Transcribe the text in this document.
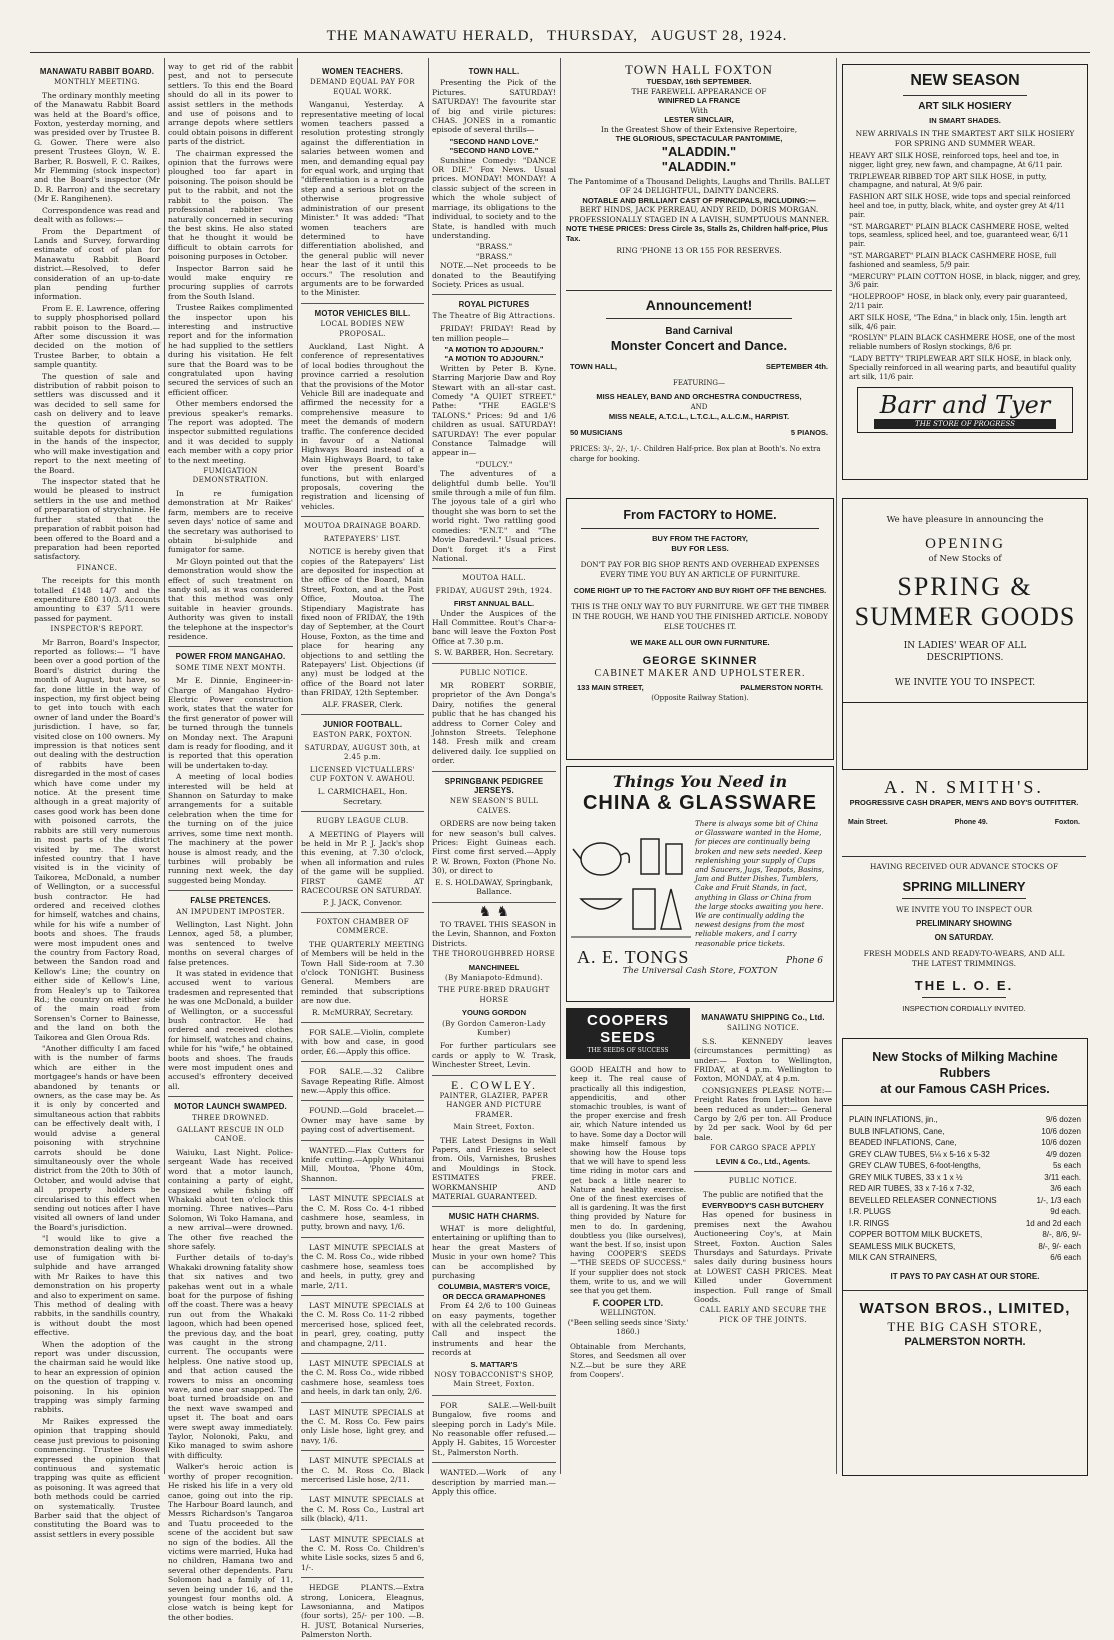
THE MANAWATU HERALD, THURSDAY, AUGUST 28, 1924.
MANAWATU RABBIT BOARD.
MONTHLY MEETING.

The ordinary monthly meeting of the Manawatu Rabbit Board was held at the Board's office, Foxton, yesterday morning, and was presided over by Trustee B. G. Gower. There were also present Trustees Gloyn, W. E. Barber, R. Boswell, F. C. Raikes, Mr Flemming (stock inspector) and the Board's inspector (Mr D. R. Barron) and the secretary (Mr E. Rangihenen).

Correspondence was read and dealt with as follows:—

From the Department of Lands and Survey, forwarding estimate of cost of plan for Manawatu Rabbit Board district.—Resolved, to defer consideration of an up-to-date plan pending further information.

From E. E. Lawrence, offering to supply phosphorised pollard rabbit poison to the Board.—After some discussion it was decided on the motion of Trustee Barber, to obtain a sample quantity.

The question of sale and distribution of rabbit poison to settlers was discussed and it was decided to sell same for cash on delivery and to leave the question of arranging suitable depots for distribution in the hands of the inspector, who will make investigation and report to the next meeting of the Board.

The inspector stated that he would be pleased to instruct settlers in the use and method of preparation of strychnine. He further stated that the preparation of rabbit poison had been offered to the Board and a preparation had been reported satisfactory.

FINANCE.

The receipts for this month totalled £148 14/7 and the expenditure £80 10/3. Accounts amounting to £37 5/11 were passed for payment.

INSPECTOR'S REPORT.

Mr Barron, Board's Inspector, reported as follows:— "I have been over a good portion of the Board's district during the month of August, but have, so far, done little in the way of inspection, my first object being to get into touch with each owner of land under the Board's jurisdiction. I have, so far, visited close on 100 owners. My impression is that notices sent out dealing with the destruction of rabbits have been disregarded in the most of cases which have come under my notice. At the present time although in a great majority of cases good work has been done with poisoned carrots, the rabbits are still very numerous in most parts of the district visited by me. The worst infested country that I have visited is in the vicinity of Taikorea, McDonald, a number of Wellington, or a successful bush contractor. He had ordered and received clothes for himself, watches and chains, while for his wife a number of boots and shoes. The frauds were most impudent ones and the country from Factory Road, between the Sandon road and Kellow's Line; the country on either side of Kellow's Line, from Healey's up to Taikorea Rd.; the country on either side of the main road from Sorensen's Corner to Bainesse, and the land on both the Taikorea and Glen Oroua Rds.

"Another difficulty I am faced with is the number of farms which are either in the mortgagee's hands or have been abandoned by tenants or owners, as the case may be. As it is only by concerted and simultaneous action that rabbits can be effectively dealt with, I would advise a general poisoning with strychnine carrots should be done simultaneously over the whole district from the 20th to 30th of October, and would advise that all property holders be circularised to this effect when sending out notices after I have visited all owners of land under the Board's jurisdiction.

"I would like to give a demonstration dealing with the use of fumigation with bi-sulphide and have arranged with Mr Raikes to have this demonstration on his property and also to experiment on same. This method of dealing with rabbits, in the sandhills country, is without doubt the most effective.

When the adoption of the report was under discussion, the chairman said he would like to hear an expression of opinion on the question of trapping v. poisoning. In his opinion trapping was simply farming rabbits.

Mr Raikes expressed the opinion that trapping should cease just previous to poisoning commencing. Trustee Boswell expressed the opinion that continuous and systematic trapping was quite as efficient as poisoning. It was agreed that both methods could be carried on systematically. Trustee Barber said that the object of constituting the Board was to assist settlers in every possible

way to get rid of the rabbit pest, and not to persecute settlers. To this end the Board should do all in its power to assist settlers in the methods and use of poisons and to arrange depots where settlers could obtain poisons in different parts of the district.

The chairman expressed the opinion that the furrows were ploughed too far apart in poisoning. The poison should be put to the rabbit, and not the rabbit to the poison. The professional rabbiter was naturally concerned in securing the best skins. He also stated that he thought it would be difficult to obtain carrots for poisoning purposes in October.

Inspector Barron said he would make enquiry re procuring supplies of carrots from the South Island.

Trustee Raikes complimented the inspector upon his interesting and instructive report and for the information he had supplied to the settlers during his visitation. He felt sure that the Board was to be congratulated upon having secured the services of such an efficient officer.

Other members endorsed the previous speaker's remarks. The report was adopted. The inspector submitted regulations and it was decided to supply each member with a copy prior to the next meeting.

FUMIGATION DEMONSTRATION.

In re fumigation demonstration at Mr Raikes' farm, members are to receive seven days' notice of same and the secretary was authorised to obtain bi-sulphide and fumigator for same.

Mr Gloyn pointed out that the demonstration would show the effect of such treatment on sandy soil, as it was considered that this method was only suitable in heavier grounds. Authority was given to install the telephone at the inspector's residence.

POWER FROM MANGAHAO.
SOME TIME NEXT MONTH.

Mr E. Dinnie, Engineer-in-Charge of Mangahao Hydro-Electric Power construction work, states that the water for the first generator of power will be turned through the tunnels on Monday next. The Arapuni dam is ready for flooding, and it is reported that this operation will be undertaken to-day.

A meeting of local bodies interested will be held at Shannon on Saturday to make arrangements for a suitable celebration when the time for the turning on of the juice arrives, some time next month. The machinery at the power house is almost ready, and the turbines will probably be running next week, the day suggested being Monday.

FALSE PRETENCES.
AN IMPUDENT IMPOSTER.

Wellington, Last Night. John Lennox, aged 58, a plumber, was sentenced to twelve months on several charges of false pretences.

It was stated in evidence that accused went to various tradesmen and represented that he was one McDonald, a builder of Wellington, or a successful bush contractor. He had ordered and received clothes for himself, watches and chains, while for his "wife," he obtained boots and shoes. The frauds were most impudent ones and accused's effrontery deceived all.

MOTOR LAUNCH SWAMPED.
THREE DROWNED.
GALLANT RESCUE IN OLD CANOE.

Waiuku, Last Night. Police-sergeant Wade has received word that a motor launch, containing a party of eight, capsized while fishing off Whakaki about ten o'clock this morning. Three natives—Paru Solomon, Wi Toko Hamana, and a new arrival—were drowned. The other five reached the shore safely.

Further details of to-day's Whakaki drowning fatality show that six natives and two pakehas went out in a whale boat for the purpose of fishing off the coast. There was a heavy run out from the Whakaki lagoon, which had been opened the previous day, and the boat was caught in the strong current. The occupants were helpless. One native stood up, and that action caused the rowers to miss an oncoming wave, and one oar snapped. The boat turned broadside on and the next wave swamped and upset it. The boat and oars were swept away immediately. Taylor, Nolonoki, Paku, and Kiko managed to swim ashore with difficulty.

Walker's heroic action is worthy of proper recognition. He risked his life in a very old canoe, going out into the rip. The Harbour Board launch, and Messrs Richardson's Tangaroa and Tuatu proceeded to the scene of the accident but saw no sign of the bodies. All the victims were married, Huka had no children, Hamana two and several other dependents. Paru Solomon had a family of 11, seven being under 16, and the youngest four months old. A close watch is being kept for the other bodies.

WOMEN TEACHERS.
DEMAND EQUAL PAY FOR EQUAL WORK.

Wanganui, Yesterday. A representative meeting of local women teachers passed a resolution protesting strongly against the differentiation in salaries between women and men, and demanding equal pay for equal work, and urging that "differentiation is a retrograde step and a serious blot on the otherwise progressive administration of our present Minister." It was added: "That women teachers are determined to have differentiation abolished, and the general public will never hear the last of it until this occurs." The resolution and arguments are to be forwarded to the Minister.

MOTOR VEHICLES BILL.
LOCAL BODIES NEW PROPOSAL.

Auckland, Last Night. A conference of representatives of local bodies throughout the province carried a resolution that the provisions of the Motor Vehicle Bill are inadequate and affirmed the necessity for a comprehensive measure to meet the demands of modern traffic. The conference decided in favour of a National Highways Board instead of a Main Highways Board, to take over the present Board's functions, but with enlarged proposals, covering the registration and licensing of vehicles.

MOUTOA DRAINAGE BOARD.
RATEPAYERS' LIST.

NOTICE is hereby given that copies of the Ratepayers' List are deposited for inspection at the office of the Board, Main Street, Foxton, and at the Post Office, Moutoa. The Stipendiary Magistrate has fixed noon of FRIDAY, the 19th day of September, at the Court House, Foxton, as the time and place for hearing any objections to and settling the Ratepayers' List. Objections (if any) must be lodged at the office of the Board not later than FRIDAY, 12th September.

ALF. FRASER, Clerk.
JUNIOR FOOTBALL.
EASTON PARK, FOXTON.
SATURDAY, AUGUST 30th, at 2.45 p.m.
LICENSED VICTUALLERS' CUP FOXTON V. AWAHOU.
L. CARMICHAEL, Hon. Secretary.
RUGBY LEAGUE CLUB.

A MEETING of Players will be held in Mr P. J. Jack's shop this evening, at 7.30 o'clock, when all information and rules of the game will be supplied. FIRST GAME AT RACECOURSE ON SATURDAY.

P. J. JACK, Convenor.
FOXTON CHAMBER OF COMMERCE.

THE QUARTERLY MEETING of Members will be held in the Town Hall Side-room at 7.30 o'clock TONIGHT. Business General. Members are reminded that subscriptions are now due.

R. McMURRAY, Secretary.

FOR SALE.—Violin, complete with bow and case, in good order, £6.—Apply this office.

FOR SALE.—.32 Calibre Savage Repeating Rifle. Almost new.—Apply this office.

FOUND.—Gold bracelet.—Owner may have same by paying cost of advertisement.

WANTED.—Flax Cutters for knife cutting.—Apply Whitanui Mill, Moutoa, 'Phone 40m, Shannon.

LAST MINUTE SPECIALS at the C. M. Ross Co. 4-1 ribbed cashmere hose, seamless, in putty, brown and navy, 1/6.

LAST MINUTE SPECIALS at the C. M. Ross Co., wide ribbed cashmere hose, seamless toes and heels, in putty, grey and marle, 2/11.

LAST MINUTE SPECIALS at the C. M. Ross Co. 11-2 ribbed mercerised hose, spliced feet, in pearl, grey, coating, putty and champagne, 2/11.

LAST MINUTE SPECIALS at the C. M. Ross Co., wide ribbed cashmere hose, seamless toes and heels, in dark tan only, 2/6.

LAST MINUTE SPECIALS at the C. M. Ross Co. Few pairs only Lisle hose, light grey, and navy, 1/6.

LAST MINUTE SPECIALS at the C. M. Ross Co. Black mercerised Lisle hose, 2/11.

LAST MINUTE SPECIALS at the C. M. Ross Co., Lustral art silk (black), 4/11.

LAST MINUTE SPECIALS at the C. M. Ross Co. Children's white Lisle socks, sizes 5 and 6, 1/-.

HEDGE PLANTS.—Extra strong, Lonicera, Eleagnus, Lawsonianna, and Matipos (four sorts), 25/- per 100. —B. H. JUST, Botanical Nurseries, Palmerston North.

TOWN HALL.

Presenting the Pick of the Pictures. SATURDAY! SATURDAY! The favourite star of big and virile pictures: CHAS. JONES in a romantic episode of several thrills—

"SECOND HAND LOVE."
"SECOND HAND LOVE."

Sunshine Comedy: "DANCE OR DIE." Fox News. Usual prices. MONDAY! MONDAY! A classic subject of the screen in which the whole subject of marriage, its obligations to the individual, to society and to the State, is handled with much understanding.

"BRASS."
"BRASS."

NOTE.—Net proceeds to be donated to the Beautifying Society. Prices as usual.

ROYAL PICTURES
The Theatre of Big Attractions.

FRIDAY! FRIDAY! Read by ten million people—

"A MOTION TO ADJOURN."
"A MOTION TO ADJOURN."

Written by Peter B. Kyne. Starring Marjorie Daw and Roy Stewart with an all-star cast. Comedy "A QUIET STREET." Pathe: "THE EAGLE'S TALONS." Prices: 9d and 1/6 children as usual. SATURDAY! SATURDAY! The ever popular Constance Talmadge will appear in—

"DULCY."

The adventures of a delightful dumb belle. You'll smile through a mile of fun film. The joyous tale of a girl who thought she was born to set the world right. Two rattling good comedies: "F.N.T." and "The Movie Daredevil." Usual prices. Don't forget it's a First National.

MOUTOA HALL.
FRIDAY, AUGUST 29th, 1924.
FIRST ANNUAL BALL.

Under the Auspices of the Hall Committee. Rout's Char-a-banc will leave the Foxton Post Office at 7.30 p.m.

S. W. BARBER, Hon. Secretary.
PUBLIC NOTICE.

MR ROBERT SORBIE, proprietor of the Avn Donga's Dairy, notifies the general public that he has changed his address to Corner Coley and Johnston Streets. Telephone 148. Fresh milk and cream delivered daily. Ice supplied on order.

SPRINGBANK PEDIGREE JERSEYS.
NEW SEASON'S BULL CALVES.

ORDERS are now being taken for new season's bull calves. Prices: Eight Guineas each. First come first served.—Apply P. W. Brown, Foxton (Phone No. 30), or direct to

E. S. HOLDAWAY, Springbank, Ballance.
♞ ♞

TO TRAVEL THIS SEASON in the Levin, Shannon, and Foxton Districts.

THE THOROUGHBRED HORSE
MANCHINEEL
(By Maniapoto-Edmund).
THE PURE-BRED DRAUGHT HORSE
YOUNG GORDON
(By Gordon Cameron-Lady Kumber)

For further particulars see cards or apply to W. Trask, Winchester Street, Levin.

E. COWLEY.
PAINTER, GLAZIER, PAPER HANGER AND PICTURE FRAMER.
Main Street, Foxton.

THE Latest Designs in Wall Papers, and Friezes to select from. Oils, Varnishes, Brushes and Mouldings in Stock. ESTIMATES FREE. WORKMANSHIP AND MATERIAL GUARANTEED.

MUSIC HATH CHARMS.

WHAT is more delightful, entertaining or uplifting than to hear the great Masters of Music in your own home? This can be accomplished by purchasing

COLUMBIA, MASTER'S VOICE, OR DECCA GRAMAPHONES

From £4 2/6 to 100 Guineas on easy payments, together with all the celebrated records. Call and inspect the instruments and hear the records at

S. MATTAR'S
NOSY TOBACCONIST'S SHOP, Main Street, Foxton.

FOR SALE.—Well-built Bungalow, five rooms and sleeping porch in Lady's Mile. No reasonable offer refused.—Apply H. Gabites, 15 Worcester St., Palmerston North.

WANTED.—Work of any description by married man.—Apply this office.

TOWN HALL FOXTON
TUESDAY, 16th SEPTEMBER.
THE FAREWELL APPEARANCE OF
WINIFRED LA FRANCE
With
LESTER SINCLAIR,
In the Greatest Show of their Extensive Repertoire,
THE GLORIOUS, SPECTACULAR PANTOMIME,
"ALADDIN."
"ALADDIN."
The Pantomime of a Thousand Delights, Laughs and Thrills. BALLET OF 24 DELIGHTFUL, DAINTY DANCERS.
NOTABLE AND BRILLIANT CAST OF PRINCIPALS, INCLUDING:—
BERT HINDS, JACK PERREAU, ANDY REID, DORIS MORGAN.
PROFESSIONALLY STAGED IN A LAVISH, SUMPTUOUS MANNER.
NOTE THESE PRICES: Dress Circle 3s, Stalls 2s, Children half-price, Plus Tax.
RING 'PHONE 13 OR 155 FOR RESERVES.
Announcement!
Band Carnival
Monster Concert and Dance.
TOWN HALL,	SEPTEMBER 4th.
FEATURING—
MISS HEALEY, BAND AND ORCHESTRA CONDUCTRESS,
AND
MISS NEALE, A.T.C.L., L.T.C.L., A.L.C.M., HARPIST.
50 MUSICIANS	5 PIANOS.
PRICES: 3/-, 2/-, 1/-. Children Half-price. Box plan at Booth's. No extra charge for booking.
From FACTORY to HOME.
BUY FROM THE FACTORY,
BUY FOR LESS.

DON'T PAY FOR BIG SHOP RENTS AND OVERHEAD EXPENSES EVERY TIME YOU BUY AN ARTICLE OF FURNITURE.

COME RIGHT UP TO THE FACTORY AND BUY RIGHT OFF THE BENCHES.

THIS IS THE ONLY WAY TO BUY FURNITURE. WE GET THE TIMBER IN THE ROUGH, WE HAND YOU THE FINISHED ARTICLE. NOBODY ELSE TOUCHES IT.

WE MAKE ALL OUR OWN FURNITURE.
GEORGE SKINNER
CABINET MAKER AND UPHOLSTERER.
133 MAIN STREET,	PALMERSTON NORTH.
(Opposite Railway Station).
Things You Need in
CHINA & GLASSWARE
There is always some bit of China or Glassware wanted in the Home, for pieces are continually being broken and new sets needed. Keep replenishing your supply of Cups and Saucers, Jugs, Teapots, Basins, Jam and Butter Dishes, Tumblers, Cake and Fruit Stands, in fact, anything in Glass or China from the large stocks awaiting you here. We are continually adding the newest designs from the most reliable makers, and I carry reasonable price tickets.
A. E. TONGS	Phone 6
The Universal Cash Store, FOXTON
COOPERS
SEEDS
THE SEEDS OF SUCCESS

GOOD HEALTH and how to keep it. The real cause of practically all this indigestion, appendicitis, and other stomachic troubles, is want of the proper exercise and fresh air, which Nature intended us to have. Some day a Doctor will make himself famous by showing how the House tops that we will have to spend less time riding in motor cars and get back a little nearer to Nature and healthy exercise. One of the finest exercises of all is gardening. It was the first thing provided by Nature for men to do. In gardening, doubtless you (like ourselves), want the best. If so, insist upon having COOPER'S SEEDS—"THE SEEDS OF SUCCESS." If your supplier does not stock them, write to us, and we will see that you get them.

F. COOPER LTD.
WELLINGTON.
("Been selling seeds since 'Sixty.' 1860.)

Obtainable from Merchants, Stores, and Seedsmen all over N.Z.—but be sure they ARE from Coopers'.

MANAWATU SHIPPING Co., Ltd.
SAILING NOTICE.

S.S. KENNEDY leaves (circumstances permitting) as under:— Foxton to Wellington, FRIDAY, at 4 p.m. Wellington to Foxton, MONDAY, at 4 p.m.

CONSIGNEES PLEASE NOTE:— Freight Rates from Lyttelton have been reduced as under:— General Cargo by 2/6 per ton. All Produce by 2d per sack. Wool by 6d per bale.

FOR CARGO SPACE APPLY
LEVIN & Co., Ltd., Agents.
PUBLIC NOTICE.

The public are notified that the

EVERYBODY'S CASH BUTCHERY

Has opened for business in premises next the Awahou Auctioneering Coy's, at Main Street, Foxton. Auction Sales Thursdays and Saturdays. Private sales daily during business hours at LOWEST CASH PRICES. Meat Killed under Government inspection. Full range of Small Goods.

CALL EARLY AND SECURE THE PICK OF THE JOINTS.
NEW SEASON
ART SILK HOSIERY
IN SMART SHADES.

NEW ARRIVALS IN THE SMARTEST ART SILK HOSIERY FOR SPRING AND SUMMER WEAR.

HEAVY ART SILK HOSE, reinforced tops, heel and toe, in nigger, light grey, new fawn, and champagne, At 6/11 pair.

TRIPLEWEAR RIBBED TOP ART SILK HOSE, in putty, champagne, and natural, At 9/6 pair.

FASHION ART SILK HOSE, wide tops and special reinforced heel and toe, in putty, black, white, and oyster grey At 4/11 pair.

"ST. MARGARET" PLAIN BLACK CASHMERE HOSE, welted tops, seamless, spliced heel, and toe, guaranteed wear, 6/11 pair.

"ST. MARGARET" PLAIN BLACK CASHMERE HOSE, full fashioned and seamless, 5/9 pair.

"MERCURY" PLAIN COTTON HOSE, in black, nigger, and grey, 3/6 pair.

"HOLEPROOF" HOSE, in black only, every pair guaranteed, 2/11 pair.

ART SILK HOSE, "The Edna," in black only, 15in. length art silk, 4/6 pair.

"ROSLYN" PLAIN BLACK CASHMERE HOSE, one of the most reliable numbers of Roslyn stockings, 8/6 pr.

"LADY BETTY" TRIPLEWEAR ART SILK HOSE, in black only, Specially reinforced in all wearing parts, and beautiful quality art silk, 11/6 pair.

Barr and Tyer
THE STORE OF PROGRESS
We have pleasure in announcing the
OPENING
of New Stocks of
SPRING &
SUMMER GOODS
IN LADIES' WEAR OF ALL DESCRIPTIONS.
WE INVITE YOU TO INSPECT.
A. N. SMITH'S.
PROGRESSIVE CASH DRAPER, MEN'S AND BOY'S OUTFITTER.
Main Street.	Phone 49.	Foxton.
HAVING RECEIVED OUR ADVANCE STOCKS OF
SPRING MILLINERY
WE INVITE YOU TO INSPECT OUR
PRELIMINARY SHOWING
ON SATURDAY.
FRESH MODELS AND READY-TO-WEARS, AND ALL THE LATEST TRIMMINGS.
THE L. O. E.
INSPECTION CORDIALLY INVITED.
New Stocks of Milking Machine
Rubbers
at our Famous CASH Prices.
PLAIN INFLATIONS, jin.,	9/6 dozen
BULB INFLATIONS, Cane,	10/6 dozen
BEADED INFLATIONS, Cane,	10/6 dozen
GREY CLAW TUBES, 5⅛ x 5-16 x 5-32	4/9 dozen
GREY CLAW TUBES, 6-foot-lengths,	5s each
GREY MILK TUBES, 33 x 1 x ½	3/11 each.
RED AIR TUBES, 33 x 7-16 x 7-32,	3/6 each
BEVELLED RELEASER CONNECTIONS	1/-, 1/3 each
I.R. PLUGS	9d each.
I.R. RINGS	1d and 2d each
COPPER BOTTOM MILK BUCKETS,	8/-, 8/6, 9/-
SEAMLESS MILK BUCKETS,	8/-, 9/- each
MILK CAN STRAINERS,	6/6 each
IT PAYS TO PAY CASH AT OUR STORE.
WATSON BROS., LIMITED,
THE BIG CASH STORE,
PALMERSTON NORTH.
